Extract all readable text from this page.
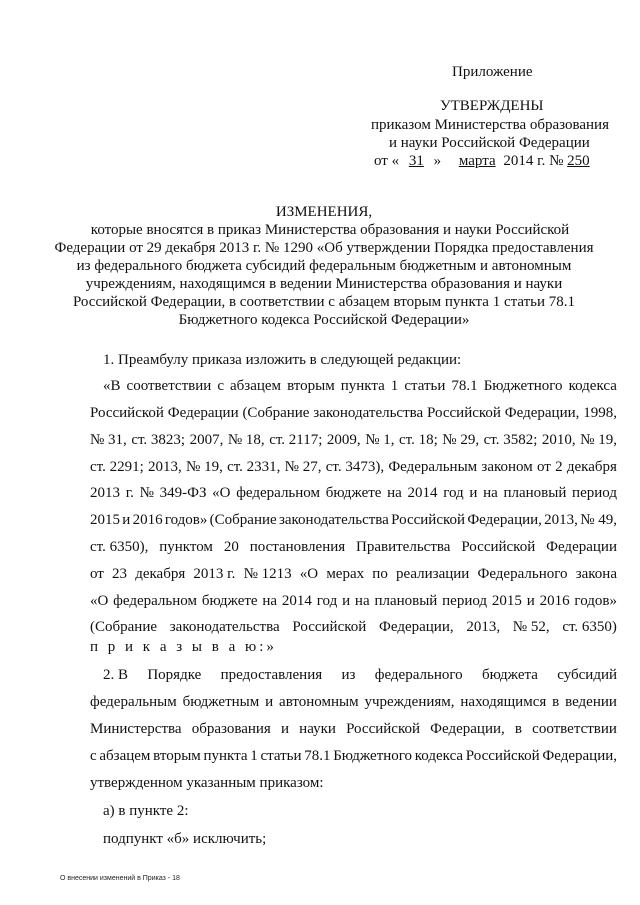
Приложение
УТВЕРЖДЕНЫ
приказом Министерства образования
и науки Российской Федерации
от « 31 » марта 2014 г. № 250
ИЗМЕНЕНИЯ,
которые вносятся в приказ Министерства образования и науки Российской
Федерации от 29 декабря 2013 г. № 1290 «Об утверждении Порядка предоставления
из федерального бюджета субсидий федеральным бюджетным и автономным
учреждениям, находящимся в ведении Министерства образования и науки
Российской Федерации, в соответствии с абзацем вторым пункта 1 статьи 78.1
Бюджетного кодекса Российской Федерации»
1. Преамбулу приказа изложить в следующей редакции:
«В соответствии с абзацем вторым пункта 1 статьи 78.1 Бюджетного кодекса
Российской Федерации (Собрание законодательства Российской Федерации, 1998,
№ 31, ст. 3823; 2007, № 18, ст. 2117; 2009, № 1, ст. 18; № 29, ст. 3582; 2010, № 19,
ст. 2291; 2013, № 19, ст. 2331, № 27, ст. 3473), Федеральным законом от 2 декабря
2013 г. № 349-ФЗ «О федеральном бюджете на 2014 год и на плановый период
2015 и 2016 годов» (Собрание законодательства Российской Федерации, 2013, № 49,
ст. 6350), пунктом 20 постановления Правительства Российской Федерации
от 23 декабря 2013 г. № 1213 «О мерах по реализации Федерального закона
«О федеральном бюджете на 2014 год и на плановый период 2015 и 2016 годов»
(Собрание законодательства Российской Федерации, 2013, № 52, ст. 6350)
п р и к а з ы в а ю:»
2. В Порядке предоставления из федерального бюджета субсидий
федеральным бюджетным и автономным учреждениям, находящимся в ведении
Министерства образования и науки Российской Федерации, в соответствии
с абзацем вторым пункта 1 статьи 78.1 Бюджетного кодекса Российской Федерации,
утвержденном указанным приказом:
а) в пункте 2:
подпункт «б» исключить;
О внесении изменений в Приказ - 18
